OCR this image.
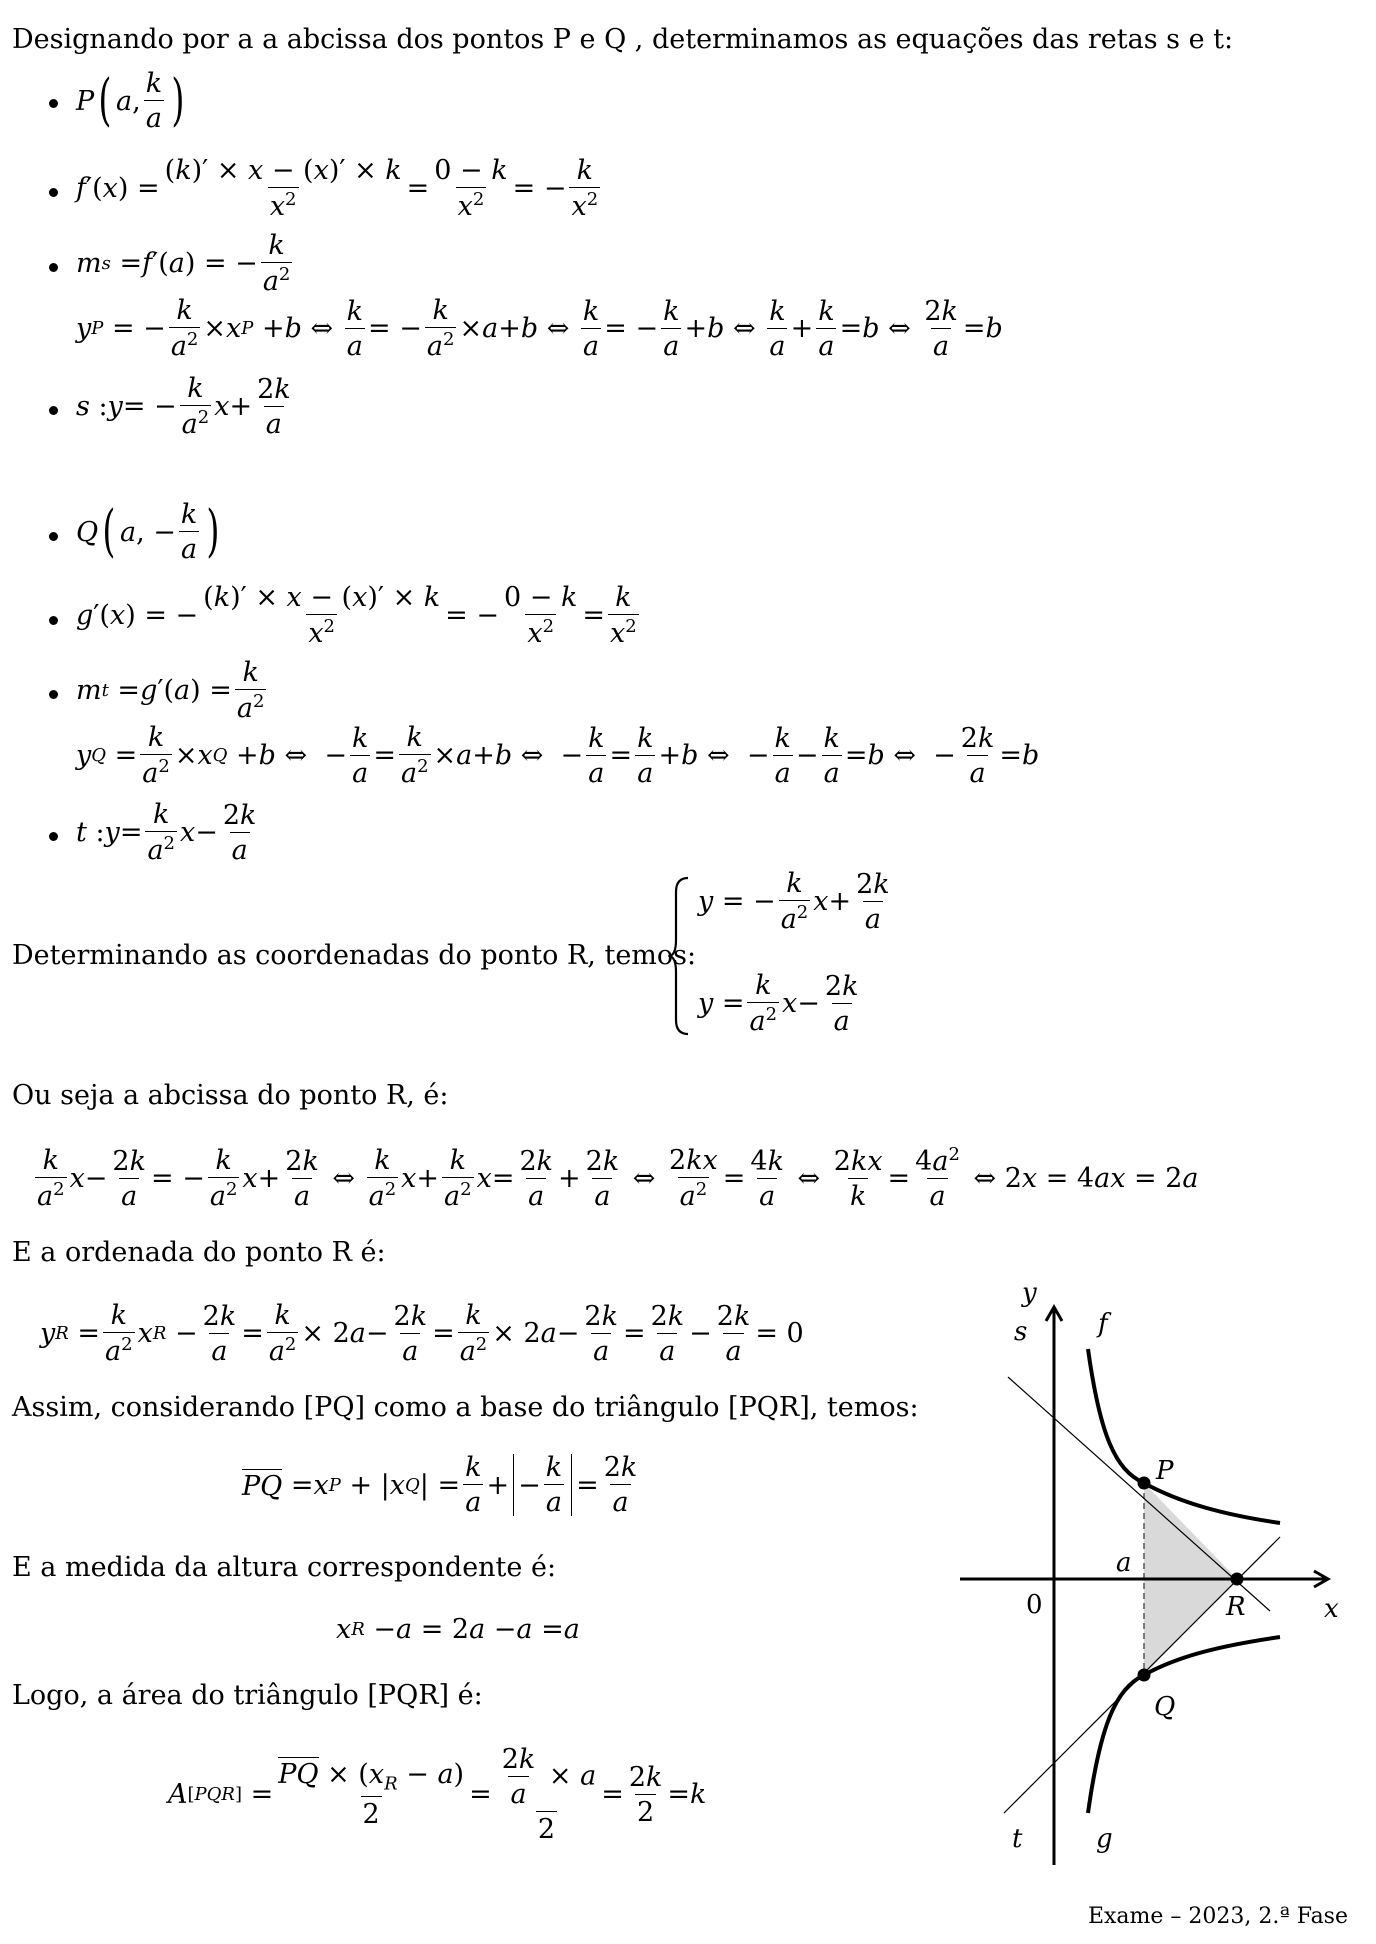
Designando por a a abcissa dos pontos P e Q , determinamos as equações das retas s e t:
P ( a ,
k
a )
f ′( x ) =
(k)′ × x − (x)′ × k
$x^2$	=
0 − k
$x^2$ = −
k
$x^2$
m s = f ′( a ) = −
k
$a^2$
y P = −
k
$a^2 \times x$ P + b ⇔
k
a
= −
k
$a^2 \times a + b$ ⇔
k
a
= −
k
a
+ b ⇔
k
a
+
k
a
= b ⇔
2k
a
= b
s : y = −
k
$a^2$ x +
2k
a
Q ( a , −
k
a )
g ′( x ) = −
(k)′ × x − (x)′ × k
$x^2$	= −
0 − k
$x^2$ =
k
$x^2$
m t = g ′( a ) =
k
$a^2$
y Q =
k
$a^2 \times x$ Q + b ⇔  −
k
a
=
k
$a^2 \times a + b$ ⇔  −
k
a
=
k
a
+ b ⇔  −
k
a
−
k
a
= b ⇔  −
2k
a
= b
t : y =
k
$a^2$ x −
2k
a
Determinando as coordenadas do ponto R, temos:
y = −
k
$a^2$ x +
2k
a
y =
k
$a^2$ x −
2k
a
Ou seja a abcissa do ponto R, é:
k
$a^2$ x −
2k
a
= −
k
$a^2$ x +
2k
a
⇔
k
$a^2$ x +
k
$a^2$ x =
2k
a
+
2k
a
⇔
2kx
$a^2$ =
4k
a
⇔
2kx
k
=
$4a^2$
a
⇔ 2 x = 4 ax = 2 a
E a ordenada do ponto R é:
y R =
k
$a^2$ x R −
2k
a
=
k
$a^2 \times 2$ a −
2k
a
=
k
$a^2 \times 2$ a −
2k
a
=
2k
a
−
2k
a
= 0
Assim, considerando [PQ] como a base do triângulo [PQR], temos:
PQ = x P + | x Q | =
k
a
+ −
k
a
=
2k
a
E a medida da altura correspondente é:
x R − a = 2 a − a = a
Logo, a área do triângulo [PQR] é:
A [PQR] =
PQ × $(x_R - a)$
2
= $\frac{2k}{a} \times a$
2
=
2k
2
= k
y
x
0
s	f
t	g
P
Q
R
a
Exame – 2023, 2.ª Fase
